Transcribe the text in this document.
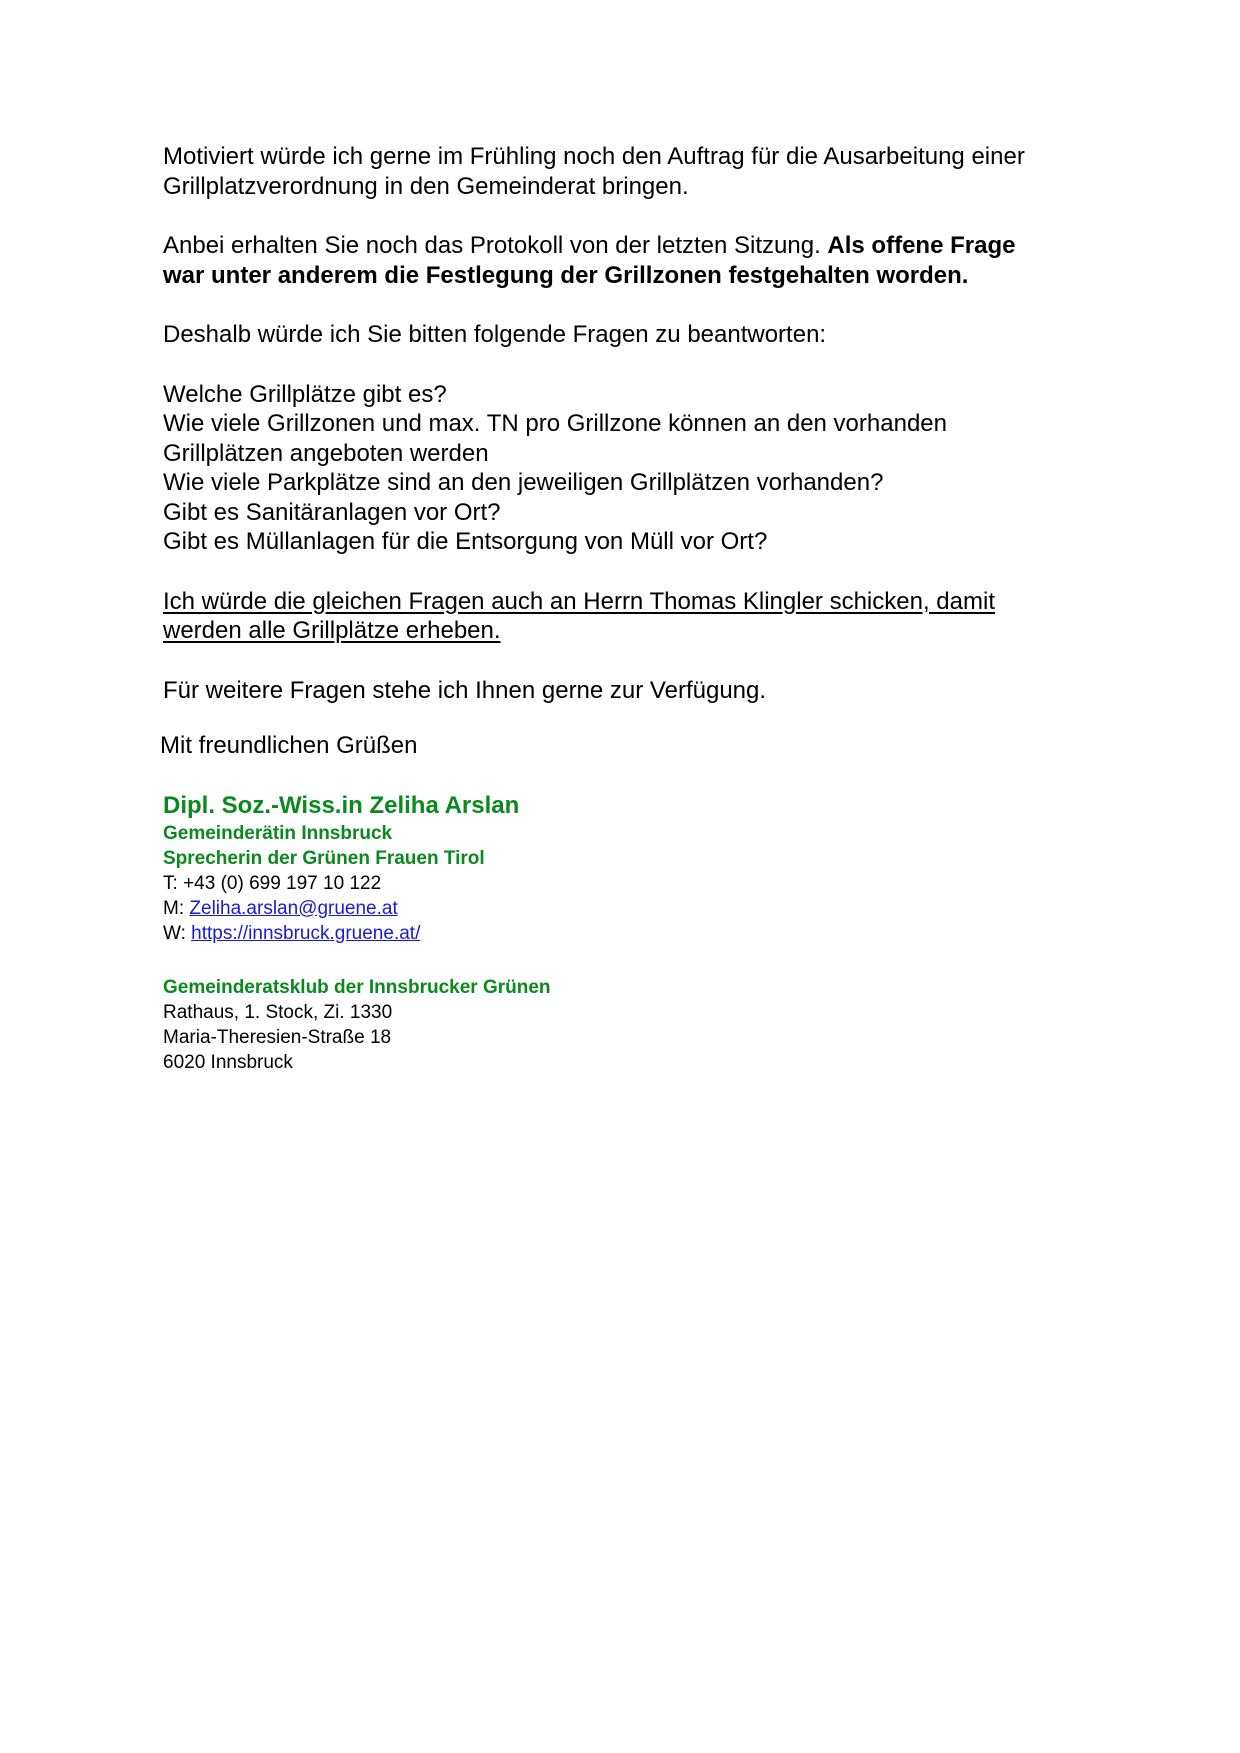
Motiviert würde ich gerne im Frühling noch den Auftrag für die Ausarbeitung einer
Grillplatzverordnung in den Gemeinderat bringen.

Anbei erhalten Sie noch das Protokoll von der letzten Sitzung. Als offene Frage
war unter anderem die Festlegung der Grillzonen festgehalten worden.

Deshalb würde ich Sie bitten folgende Fragen zu beantworten:

Welche Grillplätze gibt es?
Wie viele Grillzonen und max. TN pro Grillzone können an den vorhanden
Grillplätzen angeboten werden
Wie viele Parkplätze sind an den jeweiligen Grillplätzen vorhanden?
Gibt es Sanitäranlagen vor Ort?
Gibt es Müllanlagen für die Entsorgung von Müll vor Ort?

Ich würde die gleichen Fragen auch an Herrn Thomas Klingler schicken, damit
werden alle Grillplätze erheben.

Für weitere Fragen stehe ich Ihnen gerne zur Verfügung.

Mit freundlichen Grüßen

Dipl. Soz.-Wiss.in Zeliha Arslan

Gemeinderätin Innsbruck

Sprecherin der Grünen Frauen Tirol

T: +43 (0) 699 197 10 122

M: Zeliha.arslan@gruene.at

W: https://innsbruck.gruene.at/

Gemeinderatsklub der Innsbrucker Grünen

Rathaus, 1. Stock, Zi. 1330

Maria-Theresien-Straße 18

6020 Innsbruck
